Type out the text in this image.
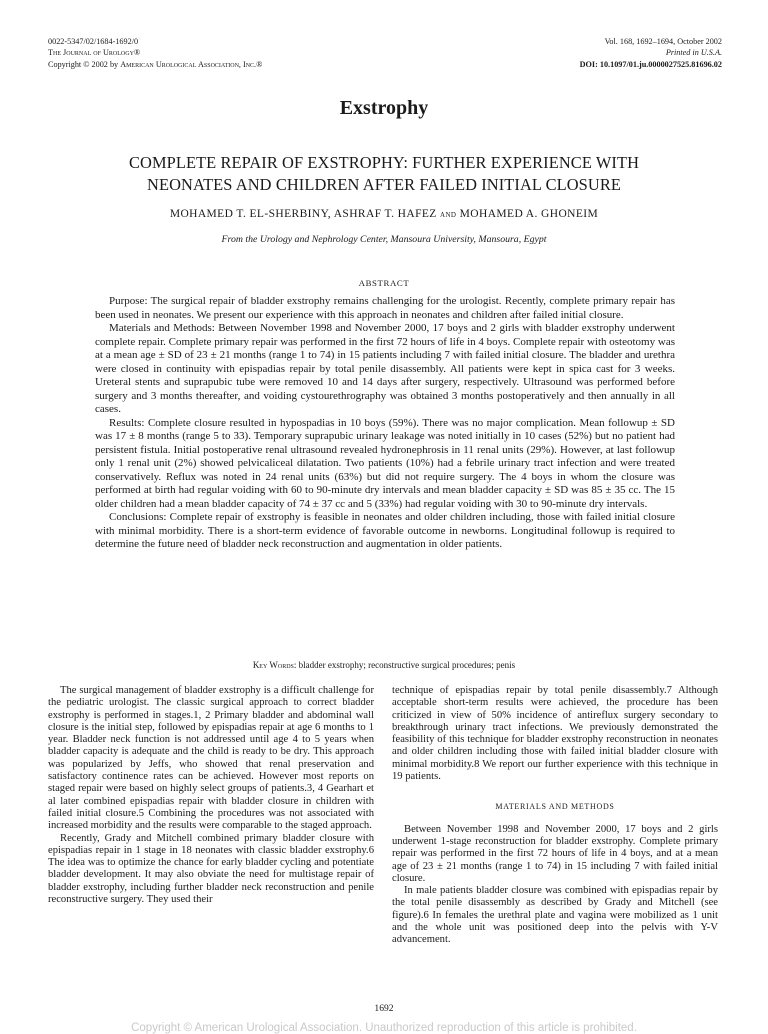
0022-5347/02/1684-1692/0
The Journal of Urology®
Copyright © 2002 by American Urological Association, Inc.®
Vol. 168, 1692–1694, October 2002
Printed in U.S.A.
DOI: 10.1097/01.ju.0000027525.81696.02
Exstrophy
COMPLETE REPAIR OF EXSTROPHY: FURTHER EXPERIENCE WITH
NEONATES AND CHILDREN AFTER FAILED INITIAL CLOSURE
MOHAMED T. EL-SHERBINY, ASHRAF T. HAFEZ and MOHAMED A. GHONEIM
From the Urology and Nephrology Center, Mansoura University, Mansoura, Egypt
ABSTRACT

Purpose: The surgical repair of bladder exstrophy remains challenging for the urologist. Recently, complete primary repair has been used in neonates. We present our experience with this approach in neonates and children after failed initial closure.

Materials and Methods: Between November 1998 and November 2000, 17 boys and 2 girls with bladder exstrophy underwent complete repair. Complete primary repair was performed in the first 72 hours of life in 4 boys. Complete repair with osteotomy was at a mean age ± SD of 23 ± 21 months (range 1 to 74) in 15 patients including 7 with failed initial closure. The bladder and urethra were closed in continuity with epispadias repair by total penile disassembly. All patients were kept in spica cast for 3 weeks. Ureteral stents and suprapubic tube were removed 10 and 14 days after surgery, respectively. Ultrasound was performed before surgery and 3 months thereafter, and voiding cystourethrography was obtained 3 months postoperatively and then annually in all cases.

Results: Complete closure resulted in hypospadias in 10 boys (59%). There was no major complication. Mean followup ± SD was 17 ± 8 months (range 5 to 33). Temporary suprapubic urinary leakage was noted initially in 10 cases (52%) but no patient had persistent fistula. Initial postoperative renal ultrasound revealed hydronephrosis in 11 renal units (29%). However, at last followup only 1 renal unit (2%) showed pelvicaliceal dilatation. Two patients (10%) had a febrile urinary tract infection and were treated conservatively. Reflux was noted in 24 renal units (63%) but did not require surgery. The 4 boys in whom the closure was performed at birth had regular voiding with 60 to 90-minute dry intervals and mean bladder capacity ± SD was 85 ± 35 cc. The 15 older children had a mean bladder capacity of 74 ± 37 cc and 5 (33%) had regular voiding with 30 to 90-minute dry intervals.

Conclusions: Complete repair of exstrophy is feasible in neonates and older children including, those with failed initial closure with minimal morbidity. There is a short-term evidence of favorable outcome in newborns. Longitudinal followup is required to determine the future need of bladder neck reconstruction and augmentation in older patients.

Key Words: bladder exstrophy; reconstructive surgical procedures; penis

The surgical management of bladder exstrophy is a difficult challenge for the pediatric urologist. The classic surgical approach to correct bladder exstrophy is performed in stages.1, 2 Primary bladder and abdominal wall closure is the initial step, followed by epispadias repair at age 6 months to 1 year. Bladder neck function is not addressed until age 4 to 5 years when bladder capacity is adequate and the child is ready to be dry. This approach was popularized by Jeffs, who showed that renal preservation and satisfactory continence rates can be achieved. However most reports on staged repair were based on highly select groups of patients.3, 4 Gearhart et al later combined epispadias repair with bladder closure in children with failed initial closure.5 Combining the procedures was not associated with increased morbidity and the results were comparable to the staged approach.

Recently, Grady and Mitchell combined primary bladder closure with epispadias repair in 1 stage in 18 neonates with classic bladder exstrophy.6 The idea was to optimize the chance for early bladder cycling and potentiate bladder development. It may also obviate the need for multistage repair of bladder exstrophy, including further bladder neck reconstruction and penile reconstructive surgery. They used their

technique of epispadias repair by total penile disassembly.7 Although acceptable short-term results were achieved, the procedure has been criticized in view of 50% incidence of antireflux surgery secondary to breakthrough urinary tract infections. We previously demonstrated the feasibility of this technique for bladder exstrophy reconstruction in neonates and older children including those with failed initial bladder closure with minimal morbidity.8 We report our further experience with this technique in 19 patients.

MATERIALS AND METHODS

Between November 1998 and November 2000, 17 boys and 2 girls underwent 1-stage reconstruction for bladder exstrophy. Complete primary repair was performed in the first 72 hours of life in 4 boys, and at a mean age of 23 ± 21 months (range 1 to 74) in 15 including 7 with failed initial closure.

In male patients bladder closure was combined with epispadias repair by the total penile disassembly as described by Grady and Mitchell (see figure).6 In females the urethral plate and vagina were mobilized as 1 unit and the whole unit was positioned deep into the pelvis with Y-V advancement.

1692
Copyright © American Urological Association. Unauthorized reproduction of this article is prohibited.
